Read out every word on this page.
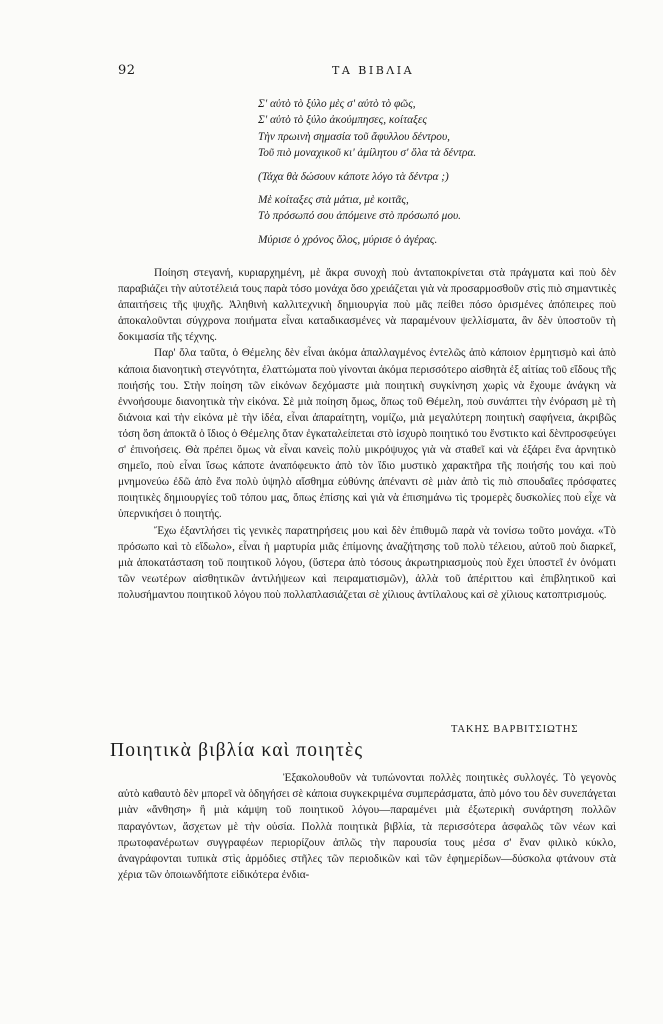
92	ΤΑ ΒΙΒΛΙΑ
Σ' αὐτὸ τὸ ξύλο μὲς σ' αὐτὸ τὸ φῶς,
Σ' αὐτὸ τὸ ξύλο ἀκούμπησες, κοίταξες
Τὴν πρωινὴ σημασία τοῦ ἄφυλλου δέντρου,
Τοῦ πιὸ μοναχικοῦ κι' ἀμίλητου σ' ὅλα τὰ δέντρα.
(Τάχα θὰ δώσουν κάποτε λόγο τὰ δέντρα ;)
Μὲ κοίταξες στὰ μάτια, μὲ κοιτᾶς,
Τὸ πρόσωπό σου ἀπόμεινε στὸ πρόσωπό μου.
Μύρισε ὁ χρόνος ὅλος, μύρισε ὁ ἀγέρας.

Ποίηση στεγανή, κυριαρχημένη, μὲ ἄκρα συνοχὴ ποὺ ἀνταποκρίνεται στὰ πράγματα καὶ ποὺ δὲν παραβιάζει τὴν αὐτοτέλειά τους παρὰ τόσο μονάχα ὅσο χρειάζεται γιὰ νὰ προσαρμοσθοῦν στὶς πιὸ σημαντικὲς ἀπαιτήσεις τῆς ψυχῆς. Ἀληθινὴ καλλιτεχνικὴ δημιουργία ποὺ μᾶς πείθει πόσο ὁρισμένες ἀπόπειρες ποὺ ἀποκαλοῦνται σύγχρονα ποιήματα εἶναι καταδικασμένες νὰ παραμένουν ψελλίσματα, ἂν δὲν ὑποστοῦν τὴ δοκιμασία τῆς τέχνης.

Παρ' ὅλα ταῦτα, ὁ Θέμελης δὲν εἶναι ἀκόμα ἀπαλλαγμένος ἐντελῶς ἀπὸ κάποιον ἑρμητισμὸ καὶ ἀπὸ κάποια διανοητικὴ στεγνότητα, ἐλαττώματα ποὺ γίνονται ἀκόμα περισσότερο αἰσθητὰ ἐξ αἰτίας τοῦ εἴδους τῆς ποιήσής του. Στὴν ποίηση τῶν εἰκόνων δεχόμαστε μιὰ ποιητικὴ συγκίνηση χωρὶς νὰ ἔχουμε ἀνάγκη νὰ ἐννοήσουμε διανοητικὰ τὴν εἰκόνα. Σὲ μιὰ ποίηση ὅμως, ὅπως τοῦ Θέμελη, ποὺ συνάπτει τὴν ἐνόραση μὲ τὴ διάνοια καὶ τὴν εἰκόνα μὲ τὴν ἰδέα, εἶναι ἀπαραίτητη, νομίζω, μιὰ μεγαλύτερη ποιητικὴ σαφήνεια, ἀκριβῶς τόση ὅση ἀποκτᾶ ὁ ἴδιος ὁ Θέμελης ὅταν ἐγκαταλείπεται στὸ ἰσχυρὸ ποιητικό του ἔνστικτο καὶ δὲνπροσφεύγει σ' ἐπινοήσεις. Θὰ πρέπει ὅμως νὰ εἶναι κανεὶς πολὺ μικρόψυχος γιὰ νὰ σταθεῖ καὶ νὰ ἐξάρει ἕνα ἀρνητικὸ σημεῖο, ποὺ εἶναι ἴσως κάποτε ἀναπόφευκτο ἀπὸ τὸν ἴδιο μυστικὸ χαρακτῆρα τῆς ποιήσής του καὶ ποὺ μνημονεύω ἐδῶ ἀπὸ ἕνα πολὺ ὑψηλὸ αἴσθημα εὐθύνης ἀπέναντι σὲ μιὰν ἀπὸ τὶς πιὸ σπουδαῖες πρόσφατες ποιητικὲς δημιουργίες τοῦ τόπου μας, ὅπως ἐπίσης καὶ γιὰ νὰ ἐπισημάνω τὶς τρομερὲς δυσκολίες ποὺ εἶχε νὰ ὑπερνικήσει ὁ ποιητής.

Ἔχω ἐξαντλήσει τὶς γενικὲς παρατηρήσεις μου καὶ δὲν ἐπιθυμῶ παρὰ νὰ τονίσω τοῦτο μονάχα. «Τὸ πρόσωπο καὶ τὸ εἴδωλο», εἶναι ἡ μαρτυρία μιᾶς ἐπίμονης ἀναζήτησης τοῦ πολὺ τέλειου, αὐτοῦ ποὺ διαρκεῖ, μιὰ ἀποκατάσταση τοῦ ποιητικοῦ λόγου, (ὕστερα ἀπὸ τόσους ἀκρωτηριασμοὺς ποὺ ἔχει ὑποστεῖ ἐν ὀνόματι τῶν νεωτέρων αἰσθητικῶν ἀντιλήψεων καὶ πειραματισμῶν), ἀλλὰ τοῦ ἀπέριττου καὶ ἐπιβλητικοῦ καὶ πολυσήμαντου ποιητικοῦ λόγου ποὺ πολλαπλασιάζεται σὲ χίλιους ἀντίλαλους καὶ σὲ χίλιους κατοπτρισμούς.

ΤΑΚΗΣ ΒΑΡΒΙΤΣΙΩΤΗΣ
Ποιητικὰ βιβλία καὶ ποιητὲς

Ἐξακολουθοῦν νὰ τυπώνονται πολλὲς ποιητικὲς συλλογές. Τὸ γεγονὸς αὐτὸ καθαυτὸ δὲν μπορεῖ νὰ ὁδηγήσει σὲ κάποια συγκεκριμένα συμπεράσματα, ἀπὸ μόνο του δὲν συνεπάγεται μιὰν «ἄνθηση» ἢ μιὰ κάμψη τοῦ ποιητικοῦ λόγου—παραμένει μιὰ ἐξωτερικὴ συνάρτηση πολλῶν παραγόντων, ἄσχετων μὲ τὴν οὐσία. Πολλὰ ποιητικὰ βιβλία, τὰ περισσότερα ἀσφαλῶς τῶν νέων καὶ πρωτοφανέρωτων συγγραφέων περιορίζουν ἁπλῶς τὴν παρουσία τους μέσα σ' ἕναν φιλικὸ κύκλο, ἀναγράφονται τυπικὰ στὶς ἁρμόδιες στῆλες τῶν περιοδικῶν καὶ τῶν ἐφημερίδων—δύσκολα φτάνουν στὰ χέρια τῶν ὁποιωνδήποτε εἰδικότερα ἐνδια-
